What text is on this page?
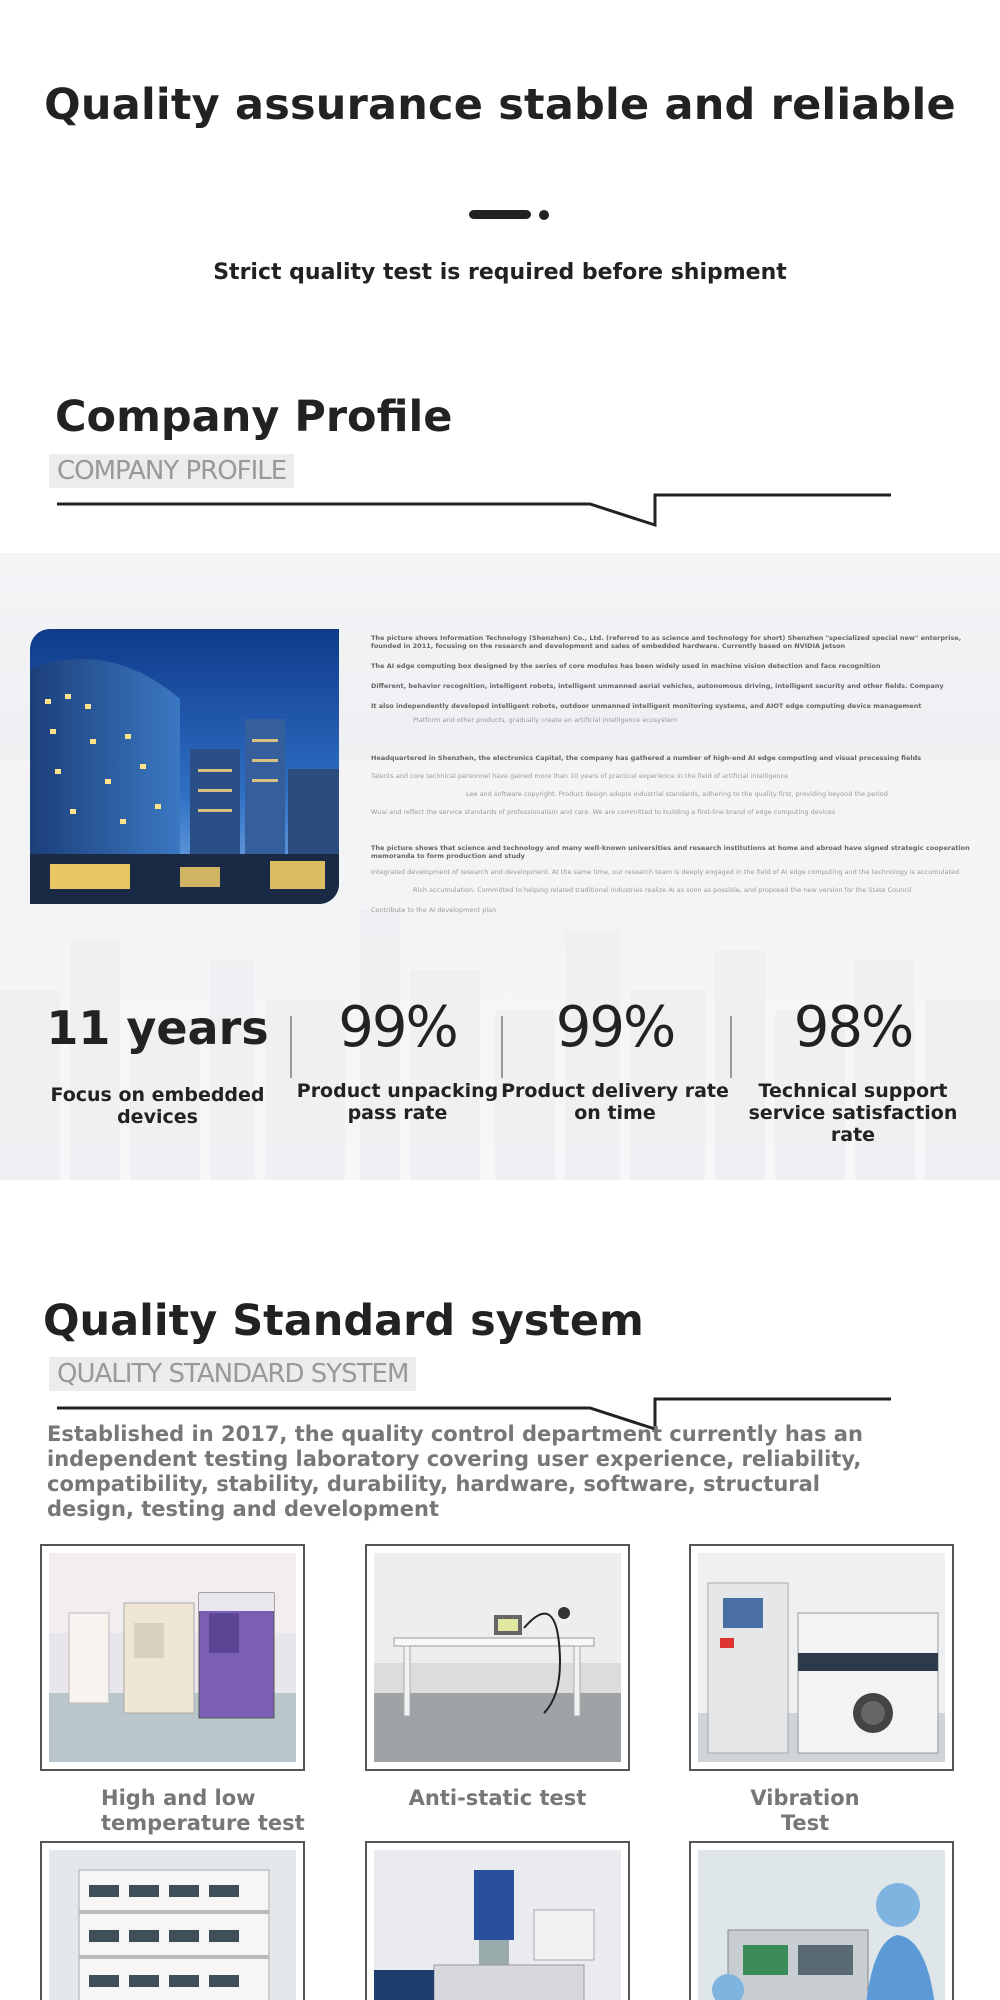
Quality assurance stable and reliable

Strict quality test is required before shipment

Company Profile
COMPANY PROFILE

The picture shows Information Technology (Shenzhen) Co., Ltd. (referred to as science and technology for short) Shenzhen "specialized special new" enterprise, founded in 2011, focusing on the research and development and sales of embedded hardware. Currently based on NVIDIA Jetson

The AI edge computing box designed by the series of core modules has been widely used in machine vision detection and face recognition

Different, behavior recognition, intelligent robots, intelligent unmanned aerial vehicles, autonomous driving, intelligent security and other fields. Company

It also independently developed intelligent robots, outdoor unmanned intelligent monitoring systems, and AIOT edge computing device management

Platform and other products, gradually create an artificial intelligence ecosystem

Headquartered in Shenzhen, the electronics Capital, the company has gathered a number of high-end AI edge computing and visual processing fields

Talents and core technical personnel have gained more than 10 years of practical experience in the field of artificial intelligence

Lee and software copyright. Product design adopts industrial standards, adhering to the quality first, providing beyond the period

Wuai and reflect the service standards of professionalism and care. We are committed to building a first-line brand of edge computing devices

The picture shows that science and technology and many well-known universities and research institutions at home and abroad have signed strategic cooperation memoranda to form production and study

Integrated development of research and development. At the same time, our research team is deeply engaged in the field of AI edge computing and the technology is accumulated

Rich accumulation. Committed to helping related traditional industries realize AI as soon as possible, and proposed the new version for the State Council

Contribute to the AI development plan

11 years
Focus on embedded devices
99%
Product unpacking pass rate
99%
Product delivery rate on time
98%
Technical support service satisfaction rate
Quality Standard system
QUALITY STANDARD SYSTEM

Established in 2017, the quality control department currently has an independent testing laboratory covering user experience, reliability, compatibility, stability, durability, hardware, software, structural design, testing and development

High and low temperature test
Anti-static test	Vibration Test
